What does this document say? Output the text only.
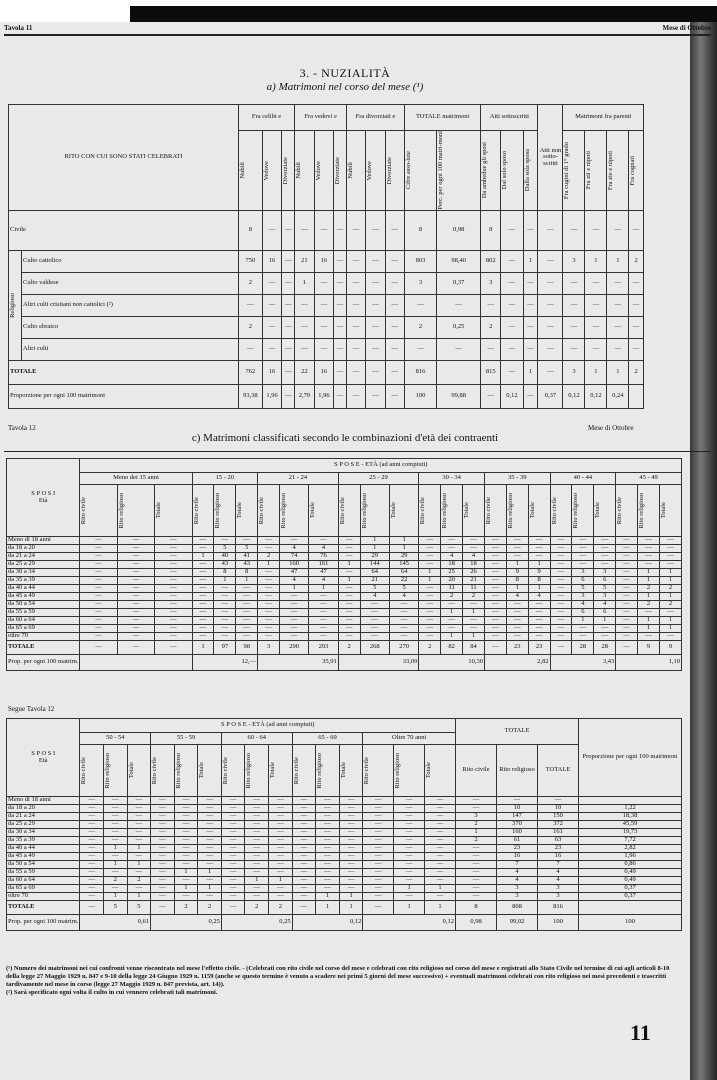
Tavola 11	Mese di Ottobre
3. - NUZIALITÀ
a) Matrimoni nel corso del mese (¹)
RITO CON CUI SONO STATI CELEBRATI		Fra celibi e			Fra vedovi e			Fra divorziati e			TOTALE matrimoni		Atti sottoscritti			Atti non sotto-scritti	Matrimoni fra parenti			

		Nubili	Vedove	Divorziate	Nubili	Vedove	Divorziate	Nubili	Vedove	Divorziate	Cifre asso-lute	Perc. per ogni 100 matri-moni	Da ambedue gli sposi	Dal solo sposo	Dalla sola sposa		Fra cugini di 1° grado	Fra zii e nipoti	Fra zie e nipoti	Fra cognati

Civile		8	—	—	—	—	—	—	—	—	8	0,98	8	—	—	—	—	—	—	—

Religioso	Culto cattolico	750	16	—	21	16	—	—	—	—	803	98,40	802	—	1	—	3	1	1	2
	Culto valdese	2	—	—	1	—	—	—	—	—	3	0,37	3	—	—	—	—	—	—	—
	Altri culti cristiani non cattolici (²)	—	—	—	—	—	—	—	—	—	—	—	—	—	—	—	—	—	—	—
	Culto ebraico	2	—	—	—	—	—	—	—	—	2	0,25	2	—	—	—	—	—	—	—
	Altri culti	—	—	—	—	—	—	—	—	—	—	—	—	—	—	—	—	—	—	—
TOTALE		762	16	—	22	16	—	—	—	—	816		815	—	1	—	3	1	1	2
Proporzione per ogni 100 matrimoni		93,38	1,96	—	2,70	1,96	—	—	—	—	100	99,88	—	0,12	—	0,37	0,12	0,12	0,24	
Tavola 12	Mese di Ottobre
c) Matrimoni classificati secondo le combinazioni d'età dei contraenti
S P O S I
Età	S P O S E - ETÀ (ad anni compiuti)																							
	Meno dei 15 anni			15 - 20			21 - 24			25 - 29			30 - 34			35 - 39			40 - 44			45 - 49		

	Rito civile	Rito religioso	Totale	Rito civile	Rito religioso	Totale	Rito civile	Rito religioso	Totale	Rito civile	Rito religioso	Totale	Rito civile	Rito religioso	Totale	Rito civile	Rito religioso	Totale	Rito civile	Rito religioso	Totale	Rito civile	Rito religioso	Totale

Meno di 18 anni	—	—	—	—	—	—	—	—	—	—	1	1	—	—	—	—	—	—	—	—	—	—	—	—
da 18 a 20	—	—	—	—	5	5	—	4	4	—	1	1	—	—	—	—	—	—	—	—	—	—	—	—
da 21 a 24	—	—	—	1	40	41	2	74	76	—	29	29	—	4	4	—	—	—	—	—	—	—	—	—
da 25 a 29	—	—	—	—	43	43	1	160	161	1	144	145	—	18	18	—	1	1	—	—	—	—	—	—
da 30 a 34	—	—	—	—	8	8	—	47	47	—	64	64	1	25	26	—	9	9	—	3	3	—	1	1
da 35 a 39	—	—	—	—	1	1	—	4	4	1	21	22	1	20	21	—	8	8	—	6	6	—	1	1
da 40 a 44	—	—	—	—	—	—	—	1	1	—	5	5	—	11	11	—	1	1	—	5	5	—	2	2
da 45 a 49	—	—	—	—	—	—	—	—	—	—	4	4	—	2	2	—	4	4	—	3	3	—	1	1
da 50 a 54	—	—	—	—	—	—	—	—	—	—	—	—	—	—	—	—	—	—	—	4	4	—	2	2
da 55 a 59	—	—	—	—	—	—	—	—	—	—	—	—	—	1	1	—	—	—	—	6	6	—	—	—
da 60 a 64	—	—	—	—	—	—	—	—	—	—	—	—	—	—	—	—	—	—	—	1	1	—	1	1
da 65 a 69	—	—	—	—	—	—	—	—	—	—	—	—	—	—	—	—	—	—	—	—	—	—	1	1
oltre 70	—	—	—	—	—	—	—	—	—	—	—	—	—	1	1	—	—	—	—	—	—	—	—	—
TOTALE	—	—	—	1	97	98	3	290	293	2	268	270	2	82	84	—	23	23	—	28	28	—	9	9
Prop. per ogni 100 matrim.				12,—			35,91			33,09			10,30			2,82			3,43			1,10		
Segue Tavola 12
S P O S I
Età	S P O S E - ETÀ (ad anni compiuti)															TOTALE			Proporzione per ogni 100 matrimoni
	50 - 54			55 - 59			60 - 64			65 - 69			Oltre 70 anni						

	Rito civile	Rito religioso	Totale	Rito civile	Rito religioso	Totale	Rito civile	Rito religioso	Totale	Rito civile	Rito religioso	Totale	Rito civile	Rito religioso	Totale	Rito civile	Rito religioso	TOTALE	
Meno di 18 anni	—	—	—	—	—	—	—	—	—	—	—	—	—	—	—	—	—	—	
da 18 a 20	—	—	—	—	—	—	—	—	—	—	—	—	—	—	—	—	10	10	1,22
da 21 a 24	—	—	—	—	—	—	—	—	—	—	—	—	—	—	—	3	147	150	18,38
da 25 a 29	—	—	—	—	—	—	—	—	—	—	—	—	—	—	—	2	370	372	45,59
da 30 a 34	—	—	—	—	—	—	—	—	—	—	—	—	—	—	—	1	160	161	19,73
da 35 a 39	—	—	—	—	—	—	—	—	—	—	—	—	—	—	—	2	61	63	7,72
da 40 a 44	—	1	1	—	—	—	—	—	—	—	—	—	—	—	—	—	23	23	2,82
da 45 a 49	—	—	—	—	—	—	—	—	—	—	—	—	—	—	—	—	16	16	1,96
da 50 a 54	—	1	1	—	—	—	—	—	—	—	—	—	—	—	—	—	7	7	0,86
da 55 a 59	—	—	—	—	1	1	—	—	—	—	—	—	—	—	—	—	4	4	0,49
da 60 a 64	—	2	2	—	—	—	—	1	1	—	—	—	—	—	—	—	4	4	0,49
da 65 a 69	—	—	—	—	1	1	—	—	—	—	—	—	—	1	1	—	3	3	0,37
oltre 70	—	1	1	—	—	—	—	—	—	—	1	1	—	—	—	—	3	3	0,37
TOTALE	—	5	5	—	2	2	—	2	2	—	1	1	—	1	1	8	808	816	
Prop. per ogni 100 matrim.	0,61			0,25			0,25			0,12			0,12			0,98	99,02	100	100
(¹) Numero dei matrimoni nei cui confronti venne riscontrato nel mese l'effetto civile. - (Celebrati con rito civile nel corso del mese e celebrati con rito religioso nel corso del mese e registrati allo Stato Civile nel termine di cui agli articoli 8-10 della legge 27 Maggio 1929 n. 847 e 9-10 della legge 24 Giugno 1929 n. 1159 (anche se questo termine è venuto a scadere nei primi 5 giorni del mese successivo) + eventuali matrimoni celebrati con rito religioso nei mesi precedenti e trascritti tardivamente nel mese in corso (legge 27 Maggio 1929 n. 847 prevista, art. 14)).
(²) Sarà specificato ogni volta il culto in cui vennero celebrati tali matrimoni.
11
